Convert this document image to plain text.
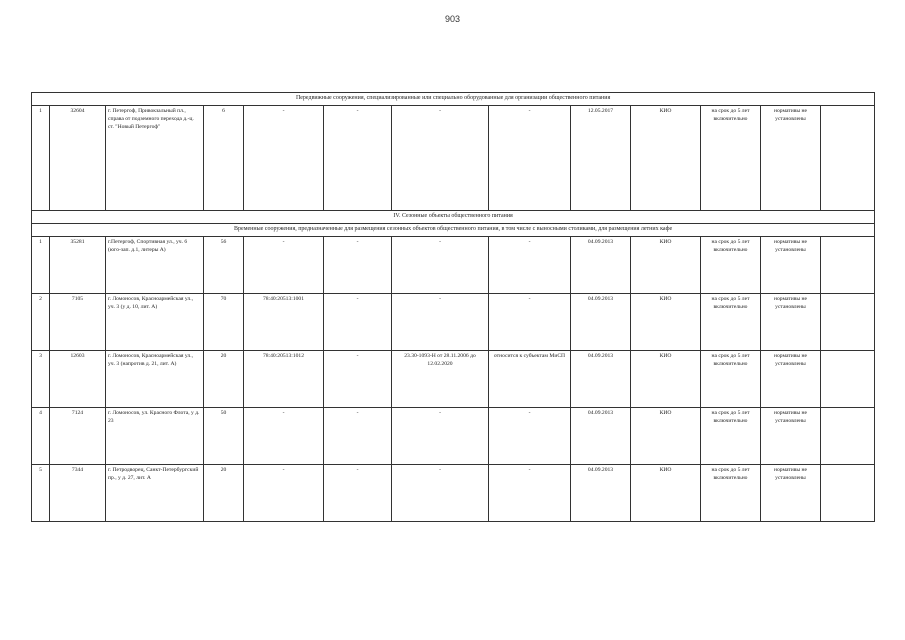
903
Передвижные сооружения, специализированные или специально оборудованные для организации общественного питания												
1	32604	г. Петергоф, Привокзальный пл., справа от подземного перехода д.-ц. ст. "Новый Петергоф"	6	-	-	-	-	12.05.2017	КИО	на срок до 5 лет включительно	нормативы не установлены	
IV. Сезонные объекты общественного питания												
Временные сооружения, предназначенные для размещения сезонных объектов общественного питания, в том числе с выносными столиками, для размещения летних кафе												
1	35281	г.Петергоф, Спортивная ул., уч. 6 (юго-зап. д.1, литеры А)	56	-	-	-	-	04.09.2013	КИО	на срок до 5 лет включительно	нормативы не установлены	
2	7105	г. Ломоносов, Красноармейская ул., уч. 3 (у д. 10, лит. А)	70	78:40:20513:1001	-	-	-	04.09.2013	КИО	на срок до 5 лет включительно	нормативы не установлены	
3	12603	г. Ломоносов, Красноармейская ул., уч. 3 (напротив д. 21, лит. А)	20	78:40:20513:1012	-	23.30-1093-Н от 28.11.2006 до 12.02.2020	относится к субъектам МиСП	04.09.2013	КИО	на срок до 5 лет включительно	нормативы не установлены	
4	7124	г. Ломоносов, ул. Красного Флота, у д. 23	50	-	-	-	-	04.09.2013	КИО	на срок до 5 лет включительно	нормативы не установлены	
5	7344	г. Петродворец, Санкт-Петербургский пр., у д. 27, лит. А	20	-	-	-	-	04.09.2013	КИО	на срок до 5 лет включительно	нормативы не установлены	
